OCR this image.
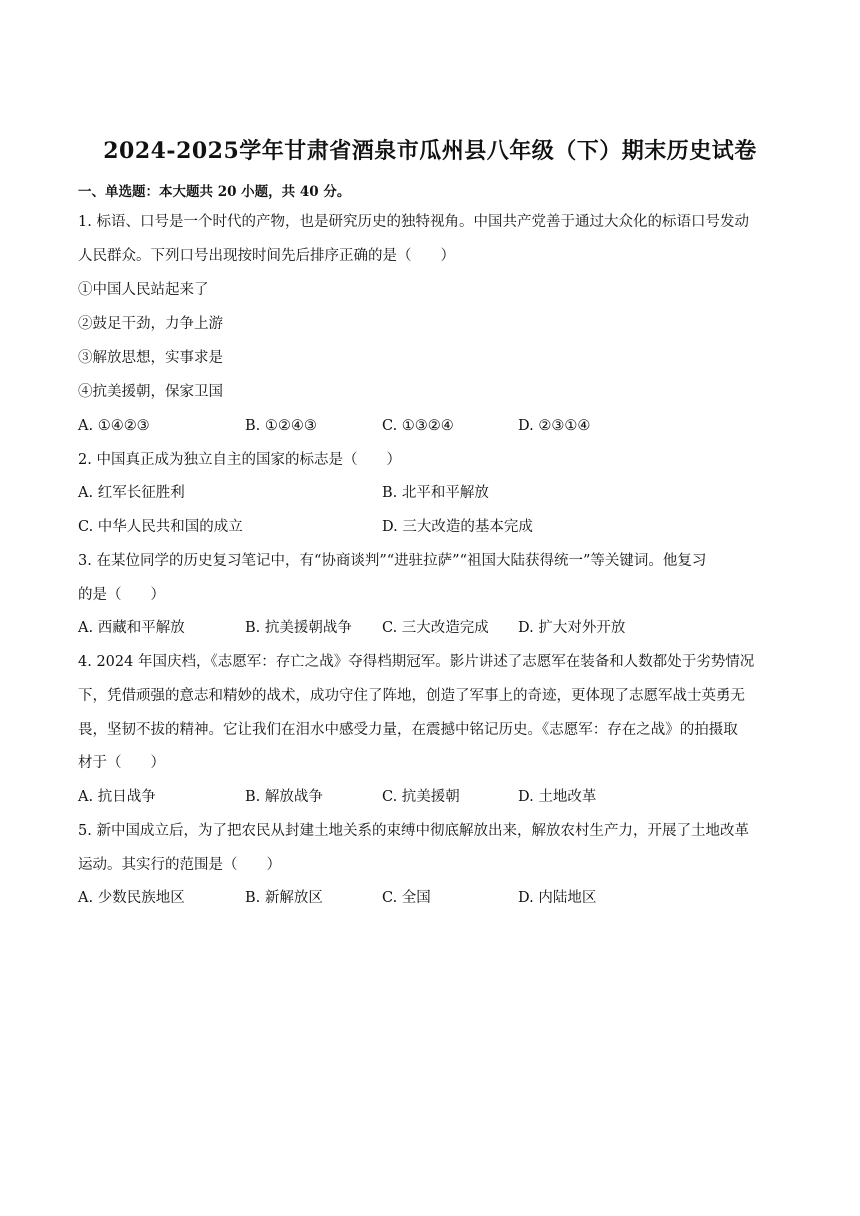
2024-2025学年甘肃省酒泉市瓜州县八年级（下）期末历史试卷
一、单选题：本大题共 20 小题，共 40 分。
1. 标语、口号是一个时代的产物，也是研究历史的独特视角。中国共产党善于通过大众化的标语口号发动
人民群众。下列口号出现按时间先后排序正确的是（　　）
①中国人民站起来了
②鼓足干劲，力争上游
③解放思想，实事求是
④抗美援朝，保家卫国
A. ①④②③	B. ①②④③	C. ①③②④	D. ②③①④
2. 中国真正成为独立自主的国家的标志是（　　）
A. 红军长征胜利	B. 北平和平解放
C. 中华人民共和国的成立	D. 三大改造的基本完成
3. 在某位同学的历史复习笔记中，有“协商谈判”“进驻拉萨”“祖国大陆获得统一”等关键词。他复习
的是（　　）
A. 西藏和平解放	B. 抗美援朝战争 C. 三大改造完成 D. 扩大对外开放
4. 2024 年国庆档，《志愿军：存亡之战》夺得档期冠军。影片讲述了志愿军在装备和人数都处于劣势情况
下，凭借顽强的意志和精妙的战术，成功守住了阵地，创造了军事上的奇迹，更体现了志愿军战士英勇无
畏，坚韧不拔的精神。它让我们在泪水中感受力量，在震撼中铭记历史。《志愿军：存在之战》的拍摄取
材于（　　）
A. 抗日战争	B. 解放战争	C. 抗美援朝	D. 土地改革
5. 新中国成立后，为了把农民从封建土地关系的束缚中彻底解放出来，解放农村生产力，开展了土地改革
运动。其实行的范围是（　　）
A. 少数民族地区	B. 新解放区	C. 全国	D. 内陆地区
